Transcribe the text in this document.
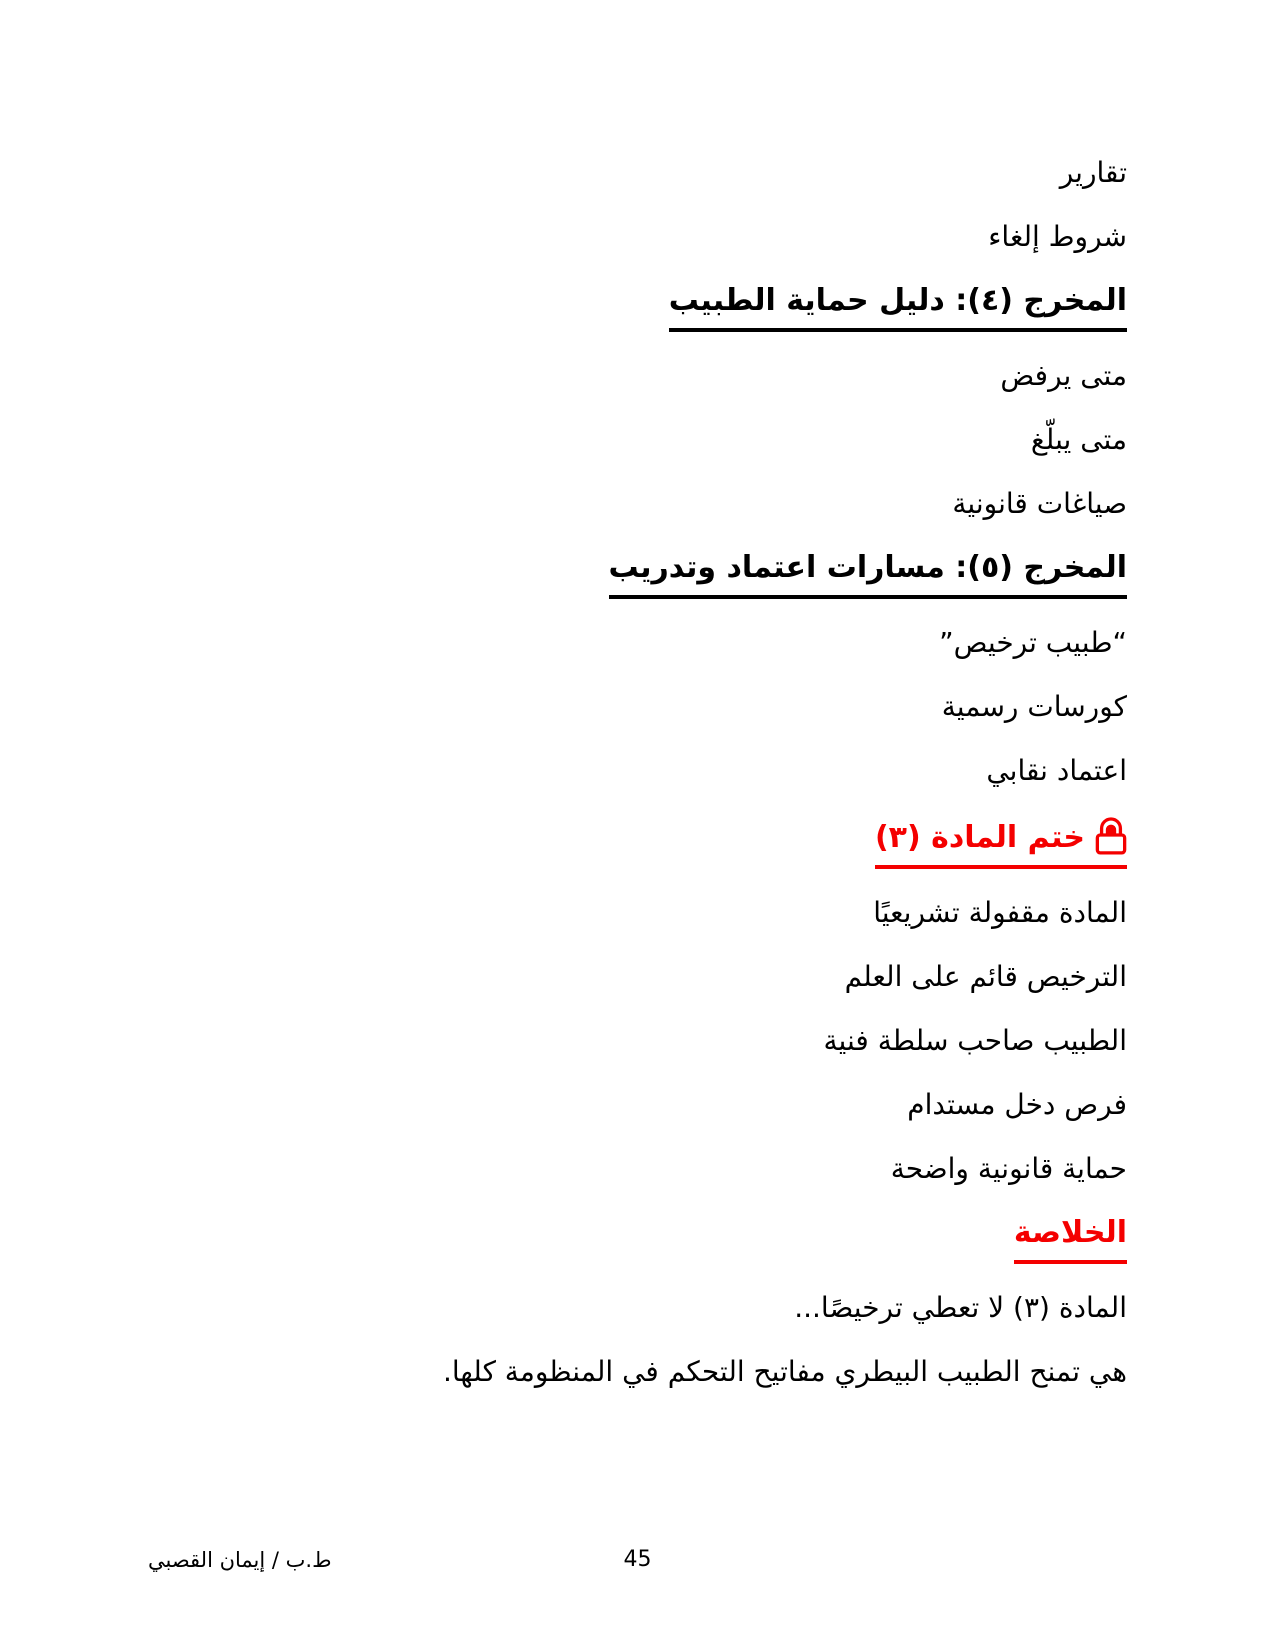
تقارير

شروط إلغاء

المخرج (٤): دليل حماية الطبيب

متى يرفض

متى يبلّغ

صياغات قانونية

المخرج (٥): مسارات اعتماد وتدريب

“طبيب ترخيص”

كورسات رسمية

اعتماد نقابي

ختم المادة (٣)

المادة مقفولة تشريعيًا

الترخيص قائم على العلم

الطبيب صاحب سلطة فنية

فرص دخل مستدام

حماية قانونية واضحة

الخلاصة

المادة (٣) لا تعطي ترخيصًا...

هي تمنح الطبيب البيطري مفاتيح التحكم في المنظومة كلها.

ط.ب / إيمان القصبي	45
